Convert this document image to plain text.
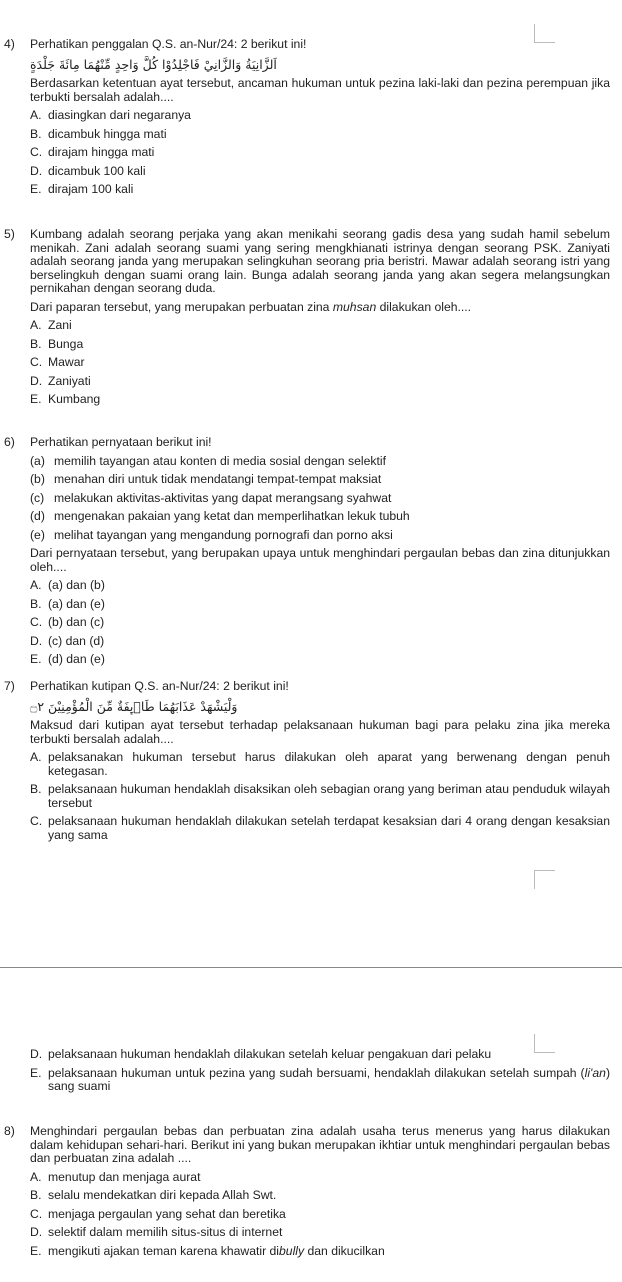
4)	Perhatikan penggalan Q.S. an-Nur/24: 2 berikut ini!
اَلزَّانِيَةُ وَالزَّانِيْ فَاجْلِدُوْا كُلَّ وَاحِدٍ مِّنْهُمَا مِائَةَ جَلْدَةٍ
Berdasarkan ketentuan ayat tersebut, ancaman hukuman untuk pezina laki-laki dan pezina perempuan jika terbukti bersalah adalah....
A. diasingkan dari negaranya
B. dicambuk hingga mati
C. dirajam hingga mati
D. dicambuk 100 kali
E. dirajam 100 kali
5)	Kumbang adalah seorang perjaka yang akan menikahi seorang gadis desa yang sudah hamil sebelum menikah. Zani adalah seorang suami yang sering mengkhianati istrinya dengan seorang PSK. Zaniyati adalah seorang janda yang merupakan selingkuhan seorang pria beristri. Mawar adalah seorang istri yang berselingkuh dengan suami orang lain. Bunga adalah seorang janda yang akan segera melangsungkan pernikahan dengan seorang duda.
Dari paparan tersebut, yang merupakan perbuatan zina muhsan dilakukan oleh....
A. Zani
B. Bunga
C. Mawar
D. Zaniyati
E. Kumbang
6)	Perhatikan pernyataan berikut ini!
(a) memilih tayangan atau konten di media sosial dengan selektif
(b) menahan diri untuk tidak mendatangi tempat-tempat maksiat
(c) melakukan aktivitas-aktivitas yang dapat merangsang syahwat
(d) mengenakan pakaian yang ketat dan memperlihatkan lekuk tubuh
(e) melihat tayangan yang mengandung pornografi dan porno aksi
Dari pernyataan tersebut, yang berupakan upaya untuk menghindari pergaulan bebas dan zina ditunjukkan oleh....
A. (a) dan (b)
B. (a) dan (e)
C. (b) dan (c)
D. (c) dan (d)
E. (d) dan (e)
7)	Perhatikan kutipan Q.S. an-Nur/24: 2 berikut ini!
وَلْيَشْهَدْ عَذَابَهُمَا طَاۤىِٕفَةٌ مِّنَ الْمُؤْمِنِيْنَ ۝٢
Maksud dari kutipan ayat tersebut terhadap pelaksanaan hukuman bagi para pelaku zina jika mereka terbukti bersalah adalah....
A. pelaksanakan hukuman tersebut harus dilakukan oleh aparat yang berwenang dengan penuh ketegasan.
B. pelaksanaan hukuman hendaklah disaksikan oleh sebagian orang yang beriman atau penduduk wilayah tersebut
C. pelaksanaan hukuman hendaklah dilakukan setelah terdapat kesaksian dari 4 orang dengan kesaksian yang sama
D. pelaksanaan hukuman hendaklah dilakukan setelah keluar pengakuan dari pelaku
E. pelaksanaan hukuman untuk pezina yang sudah bersuami, hendaklah dilakukan setelah sumpah (li'an) sang suami
8)	Menghindari pergaulan bebas dan perbuatan zina adalah usaha terus menerus yang harus dilakukan dalam kehidupan sehari-hari. Berikut ini yang bukan merupakan ikhtiar untuk menghindari pergaulan bebas dan perbuatan zina adalah ....
A. menutup dan menjaga aurat
B. selalu mendekatkan diri kepada Allah Swt.
C. menjaga pergaulan yang sehat dan beretika
D. selektif dalam memilih situs-situs di internet
E. mengikuti ajakan teman karena khawatir dibully dan dikucilkan
